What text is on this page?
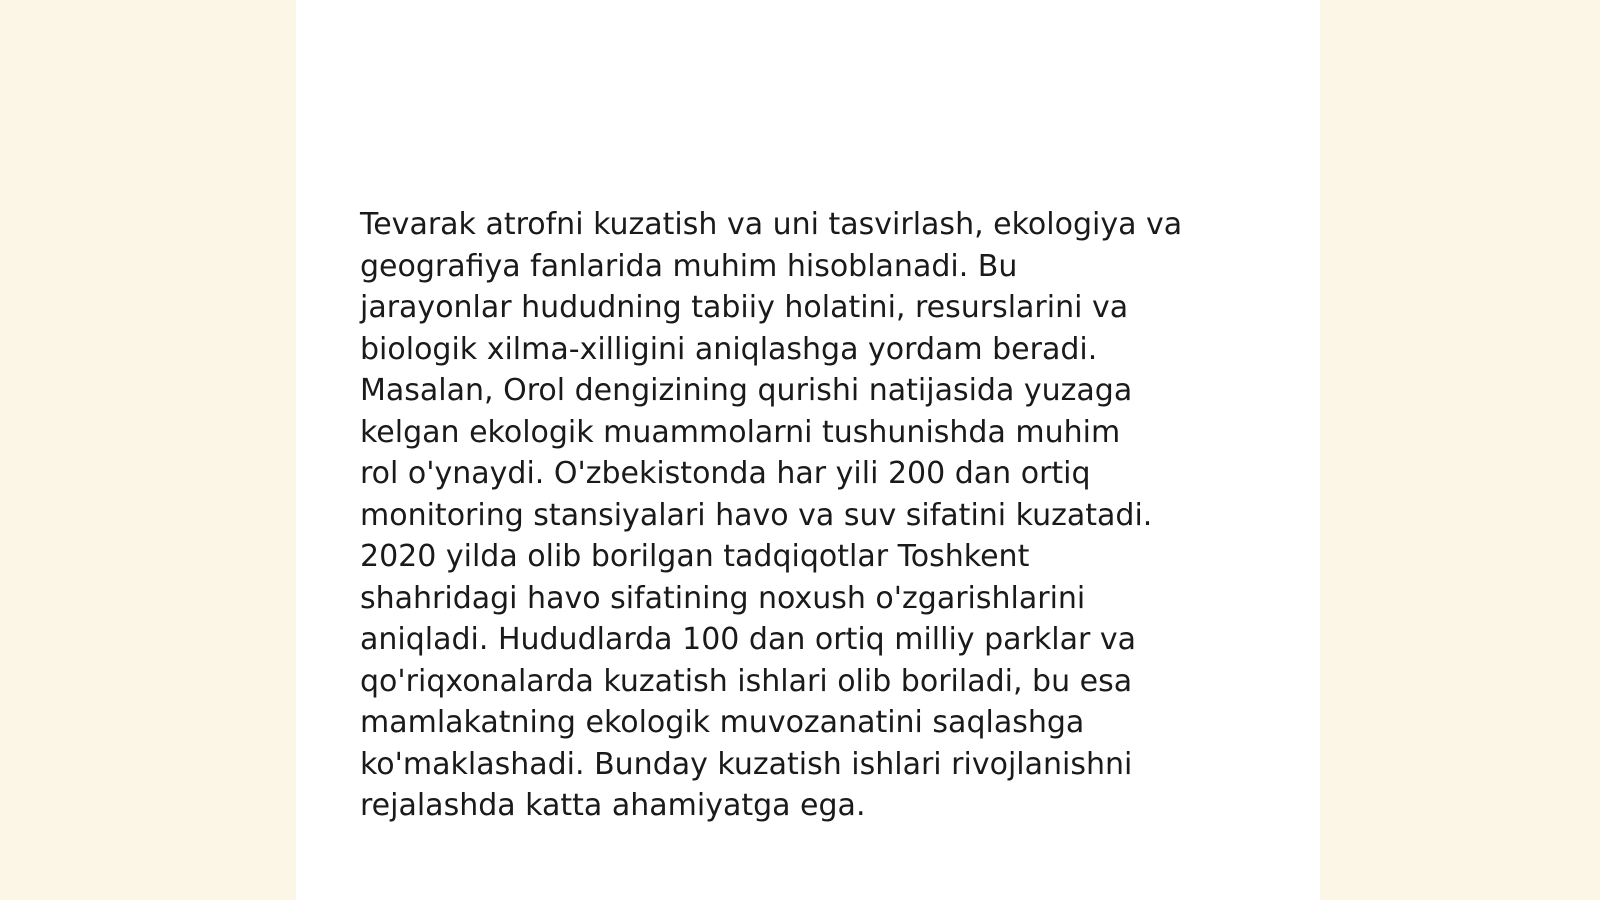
Tevarak atrofni kuzatish va uni tasvirlash, ekologiya va
geografiya fanlarida muhim hisoblanadi. Bu
jarayonlar hududning tabiiy holatini, resurslarini va
biologik xilma-xilligini aniqlashga yordam beradi.
Masalan, Orol dengizining qurishi natijasida yuzaga
kelgan ekologik muammolarni tushunishda muhim
rol o'ynaydi. O'zbekistonda har yili 200 dan ortiq
monitoring stansiyalari havo va suv sifatini kuzatadi.
2020 yilda olib borilgan tadqiqotlar Toshkent
shahridagi havo sifatining noxush o'zgarishlarini
aniqladi. Hududlarda 100 dan ortiq milliy parklar va
qo'riqxonalarda kuzatish ishlari olib boriladi, bu esa
mamlakatning ekologik muvozanatini saqlashga
ko'maklashadi. Bunday kuzatish ishlari rivojlanishni
rejalashda katta ahamiyatga ega.
